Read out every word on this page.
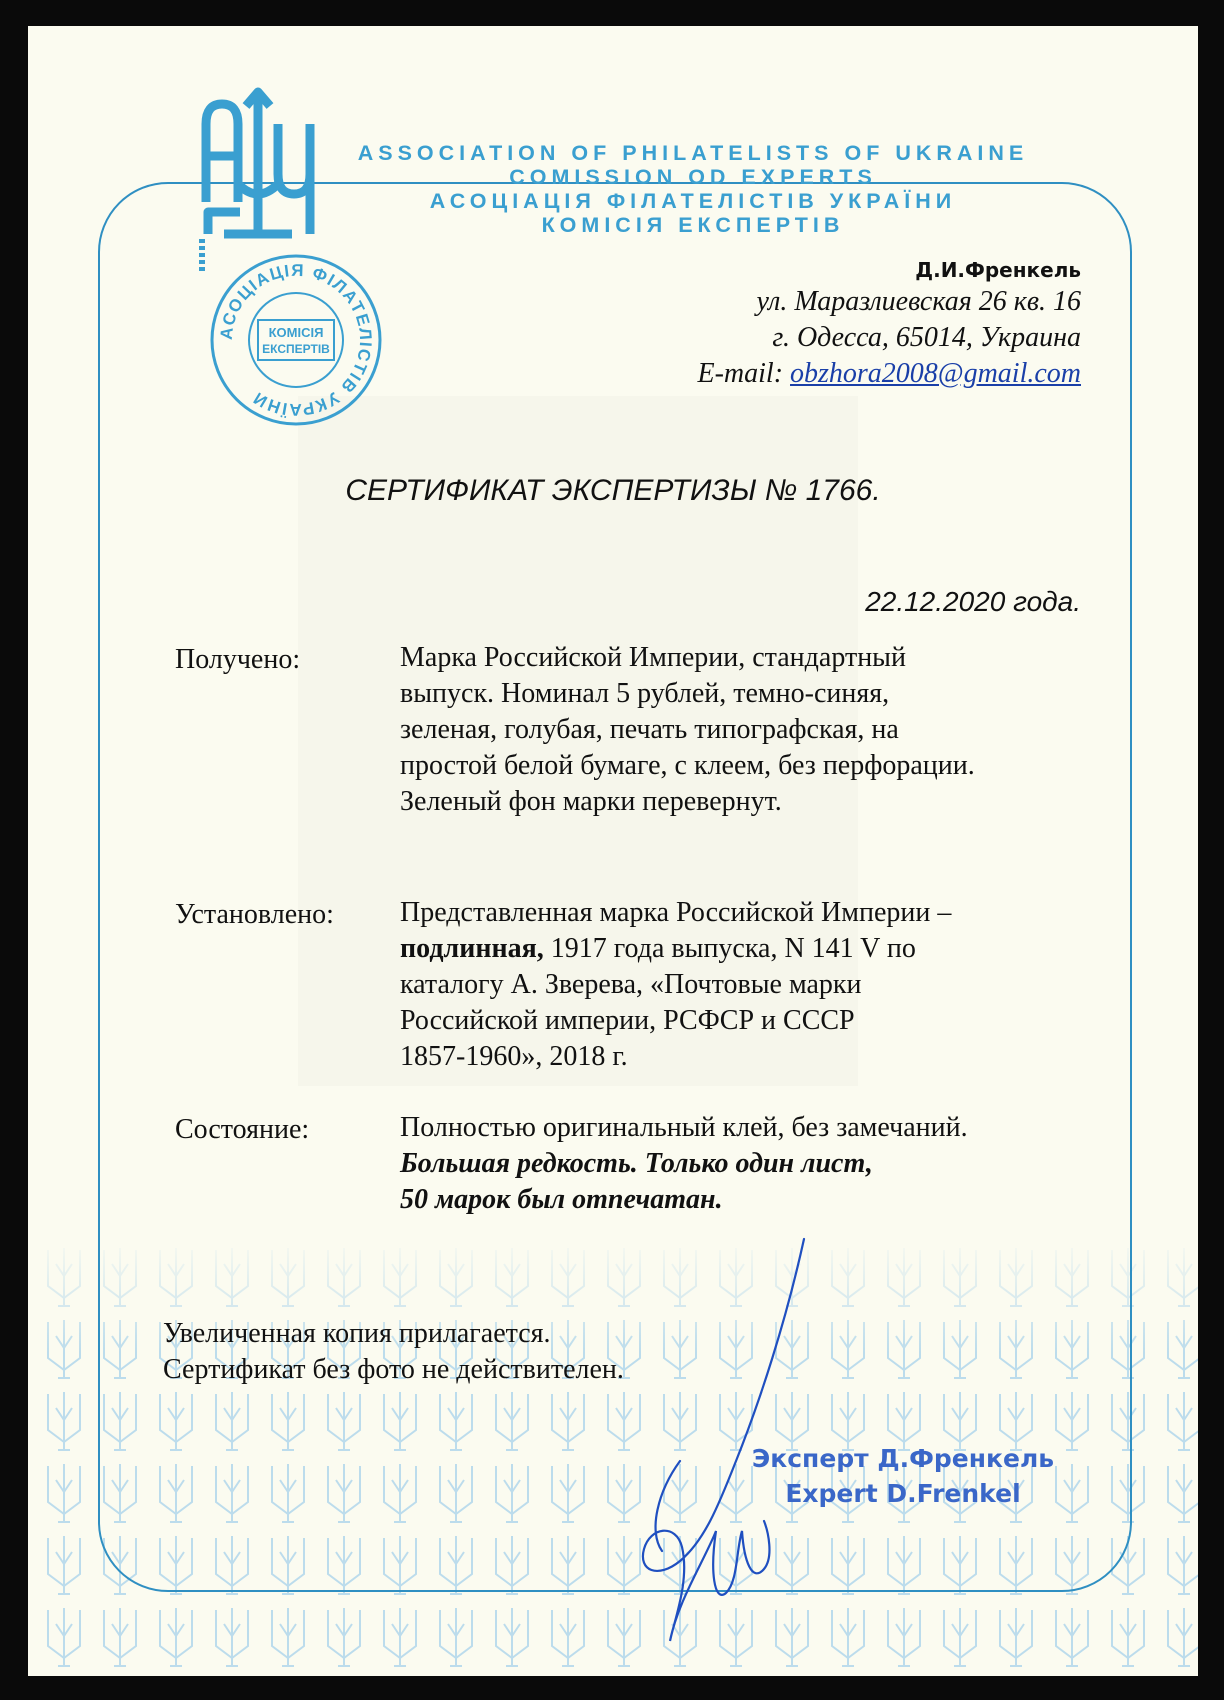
АСОЦІАЦІЯ ФІЛАТЕЛІСТІВ УКРАЇНИ
КОМІСІЯ
ЕКСПЕРТІВ
ASSOCIATION OF PHILATELISTS OF UKRAINE
COMISSION OD EXPERTS
АСОЦІАЦІЯ ФІЛАТЕЛІСТІВ УКРАЇНИ
КОМІСІЯ ЕКСПЕРТІВ
Д.И.Френкель
ул. Маразлиевская 26 кв. 16
г. Одесса, 65014, Украина
E-mail: obzhora2008@gmail.com
СЕРТИФИКАТ ЭКСПЕРТИЗЫ № 1766.
22.12.2020 года.
Получено:	Марка Российской Империи, стандартный
выпуск. Номинал 5 рублей, темно-синяя,
зеленая, голубая, печать типографская, на
простой белой бумаге, с клеем, без перфорации.
Зеленый фон марки перевернут.
Установлено: Представленная марка Российской Империи –
подлинная, 1917 года выпуска, N 141 V по
каталогу А. Зверева, «Почтовые марки
Российской империи, РСФСР и СССР
1857-1960», 2018 г.
Состояние:	Полностью оригинальный клей, без замечаний.
Большая редкость. Только один лист,
50 марок был отпечатан.
Увеличенная копия прилагается.
Сертификат без фото не действителен.
Эксперт Д.Френкель
Expert D.Frenkel
